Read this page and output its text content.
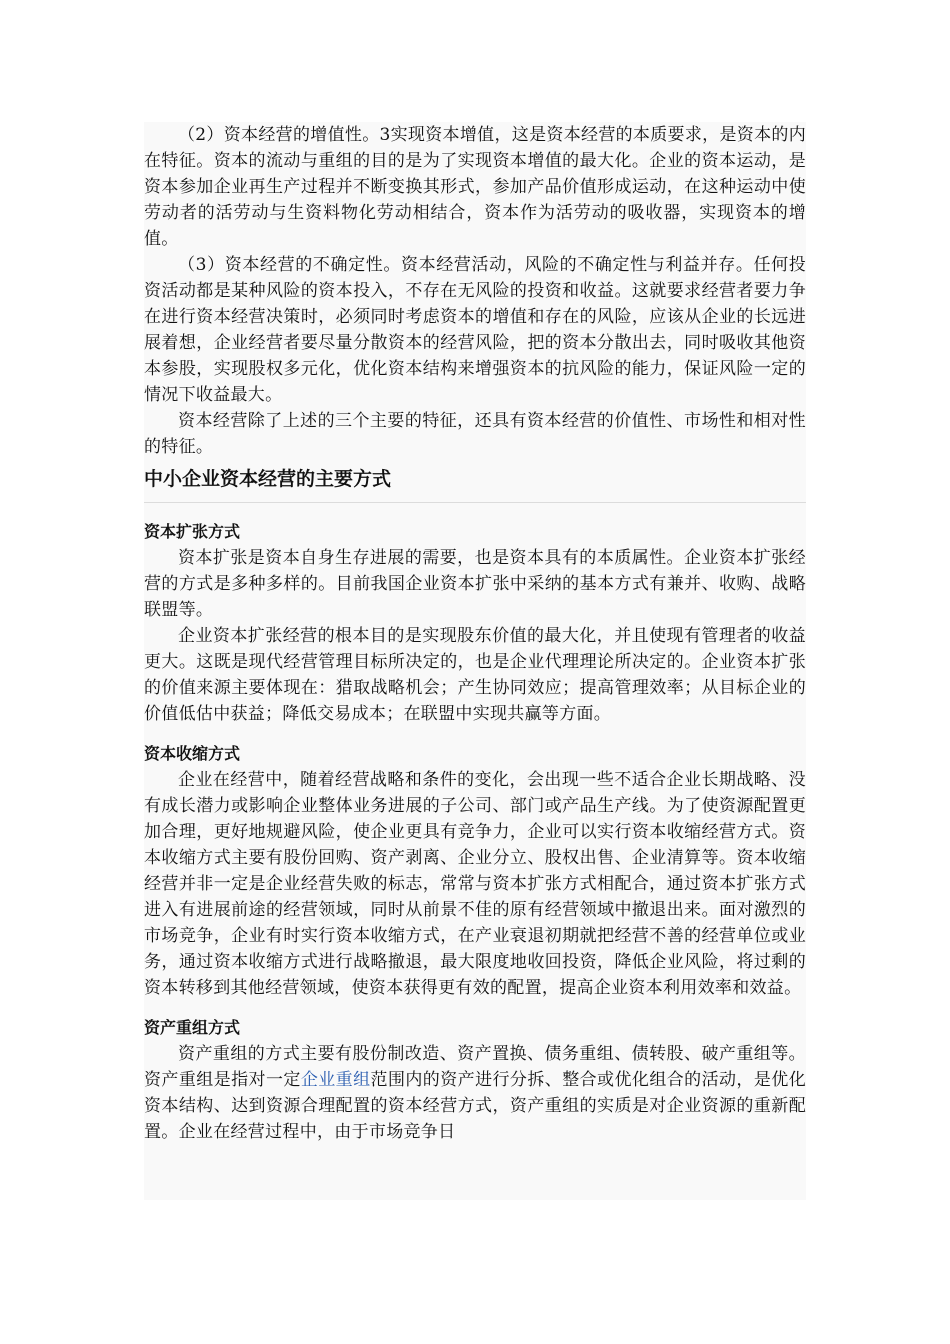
（2）资本经营的增值性。3实现资本增值，这是资本经营的本质要求，是资本的内在特征。资本的流动与重组的目的是为了实现资本增值的最大化。企业的资本运动，是资本参加企业再生产过程并不断变换其形式，参加产品价值形成运动，在这种运动中使劳动者的活劳动与生资料物化劳动相结合，资本作为活劳动的吸收器，实现资本的增值。

（3）资本经营的不确定性。资本经营活动，风险的不确定性与利益并存。任何投资活动都是某种风险的资本投入，不存在无风险的投资和收益。这就要求经营者要力争在进行资本经营决策时，必须同时考虑资本的增值和存在的风险，应该从企业的长远进展着想，企业经营者要尽量分散资本的经营风险，把的资本分散出去，同时吸收其他资本参股，实现股权多元化，优化资本结构来增强资本的抗风险的能力，保证风险一定的情况下收益最大。

资本经营除了上述的三个主要的特征，还具有资本经营的价值性、市场性和相对性的特征。

中小企业资本经营的主要方式
资本扩张方式

资本扩张是资本自身生存进展的需要，也是资本具有的本质属性。企业资本扩张经营的方式是多种多样的。目前我国企业资本扩张中采纳的基本方式有兼并、收购、战略联盟等。

企业资本扩张经营的根本目的是实现股东价值的最大化，并且使现有管理者的收益更大。这既是现代经营管理目标所决定的，也是企业代理理论所决定的。企业资本扩张的价值来源主要体现在：猎取战略机会；产生协同效应；提高管理效率；从目标企业的价值低估中获益；降低交易成本；在联盟中实现共赢等方面。

资本收缩方式

企业在经营中，随着经营战略和条件的变化，会出现一些不适合企业长期战略、没有成长潜力或影响企业整体业务进展的子公司、部门或产品生产线。为了使资源配置更加合理，更好地规避风险，使企业更具有竞争力，企业可以实行资本收缩经营方式。资本收缩方式主要有股份回购、资产剥离、企业分立、股权出售、企业清算等。资本收缩经营并非一定是企业经营失败的标志，常常与资本扩张方式相配合，通过资本扩张方式进入有进展前途的经营领域，同时从前景不佳的原有经营领域中撤退出来。面对激烈的市场竞争，企业有时实行资本收缩方式，在产业衰退初期就把经营不善的经营单位或业务，通过资本收缩方式进行战略撤退，最大限度地收回投资，降低企业风险，将过剩的资本转移到其他经营领域，使资本获得更有效的配置，提高企业资本利用效率和效益。

资产重组方式

资产重组的方式主要有股份制改造、资产置换、债务重组、债转股、破产重组等。资产重组是指对一定企业重组范围内的资产进行分拆、整合或优化组合的活动，是优化资本结构、达到资源合理配置的资本经营方式，资产重组的实质是对企业资源的重新配置。企业在经营过程中，由于市场竞争日
